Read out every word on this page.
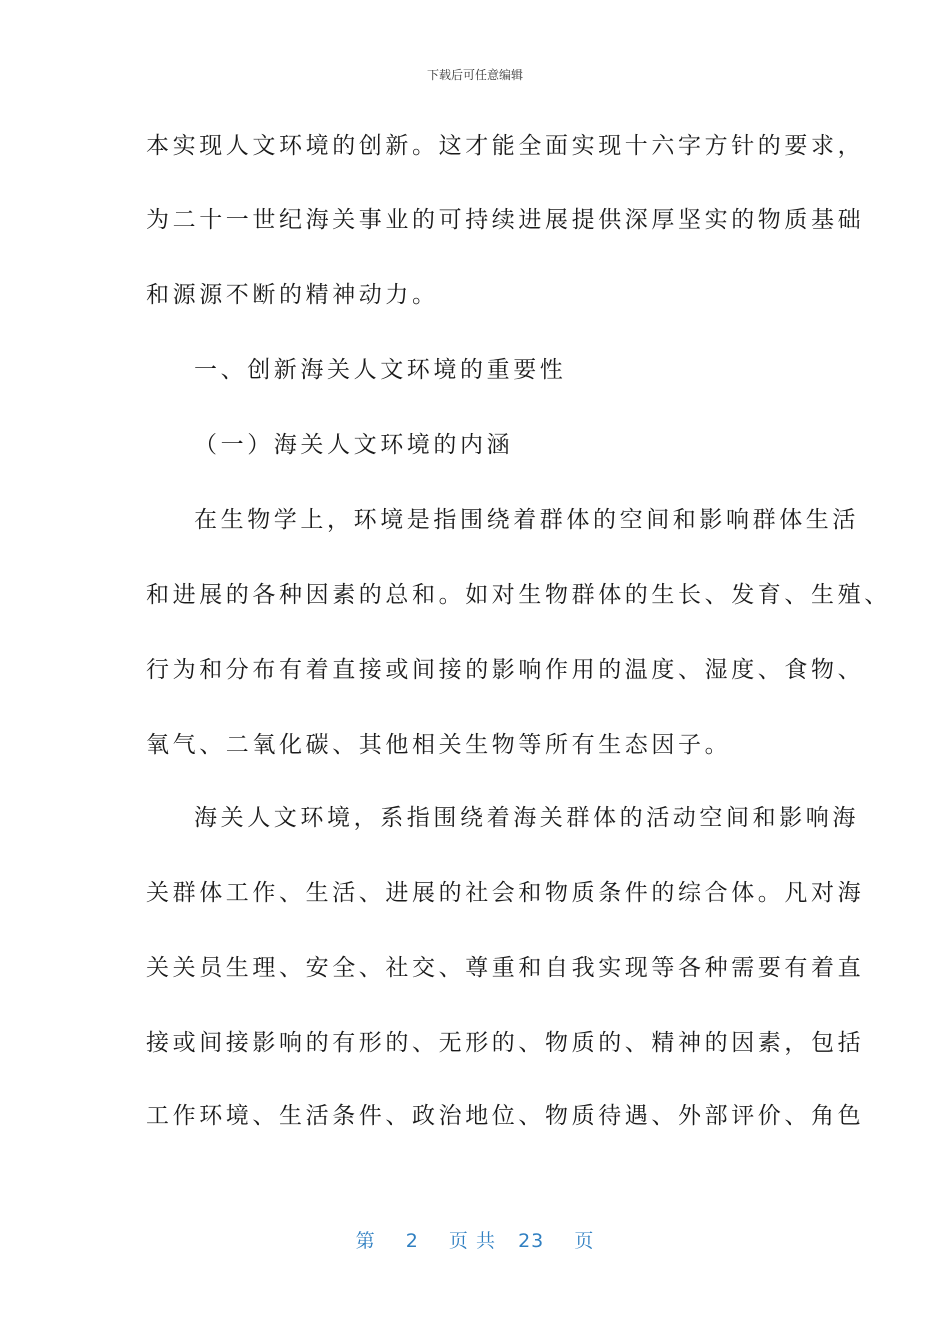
下载后可任意编辑
本实现人文环境的创新。这才能全面实现十六字方针的要求，
为二十一世纪海关事业的可持续进展提供深厚坚实的物质基础
和源源不断的精神动力。
一、创新海关人文环境的重要性
（一）海关人文环境的内涵
在生物学上，环境是指围绕着群体的空间和影响群体生活
和进展的各种因素的总和。如对生物群体的生长、发育、生殖、
行为和分布有着直接或间接的影响作用的温度、湿度、食物、
氧气、二氧化碳、其他相关生物等所有生态因子。
海关人文环境，系指围绕着海关群体的活动空间和影响海
关群体工作、生活、进展的社会和物质条件的综合体。凡对海
关关员生理、安全、社交、尊重和自我实现等各种需要有着直
接或间接影响的有形的、无形的、物质的、精神的因素，包括
工作环境、生活条件、政治地位、物质待遇、外部评价、角色
第 2 页 共 23 页
